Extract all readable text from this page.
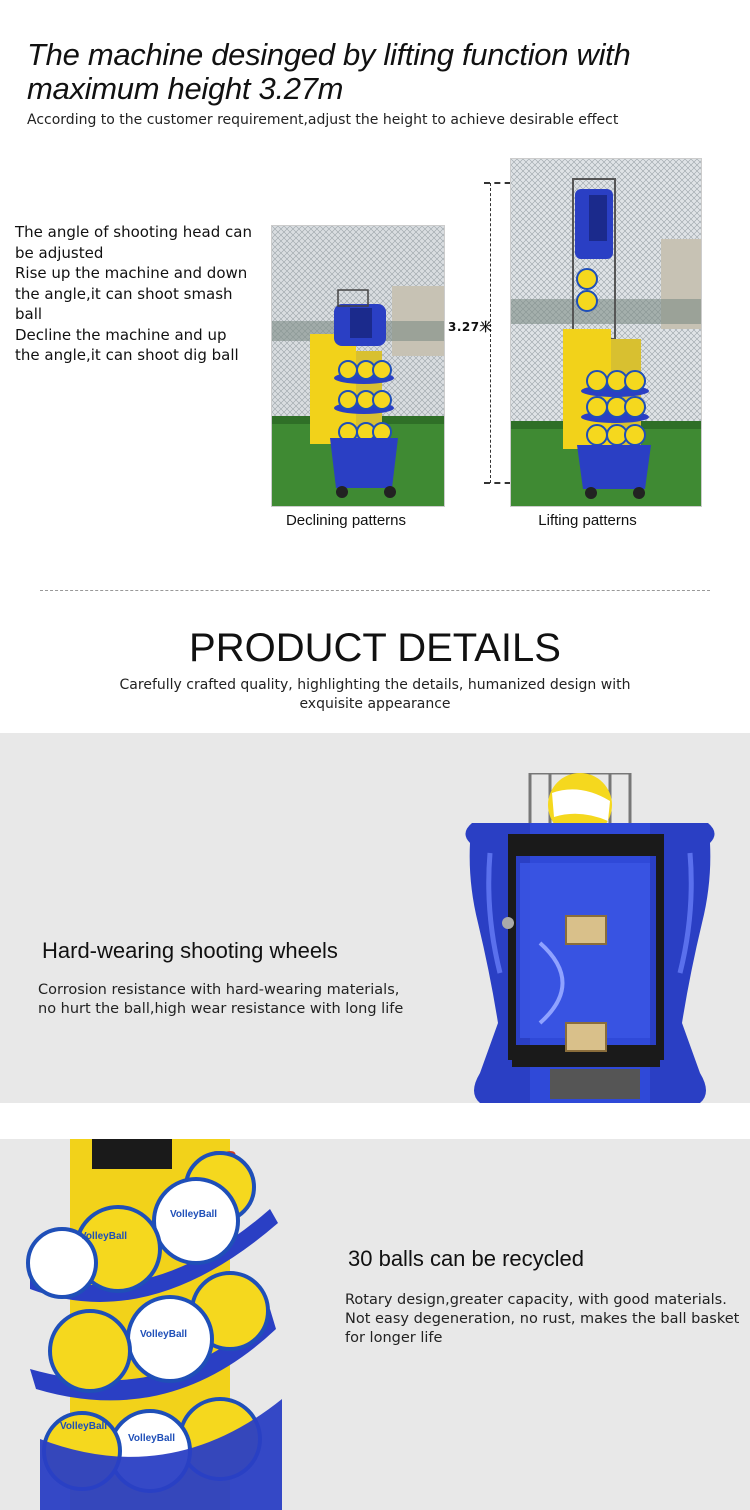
The machine desinged by lifting function with
maximum height 3.27m
According to the customer requirement,adjust the height to achieve desirable effect
The angle of shooting head can be adjusted
Rise up the machine and down the angle,it can shoot smash ball
Decline the machine and up the angle,it can shoot dig ball
3.27米
Declining patterns	Lifting patterns
PRODUCT DETAILS
Carefully crafted quality, highlighting the details, humanized design with exquisite appearance
Hard-wearing shooting wheels
Corrosion resistance with hard-wearing materials,
no hurt the ball,high wear resistance with long life
VolleyBall
VolleyBall
VolleyBall
VolleyBall
VolleyBall
30 balls can be recycled
Rotary design,greater capacity, with good materials.
Not easy degeneration, no rust, makes the ball basket
for longer life
